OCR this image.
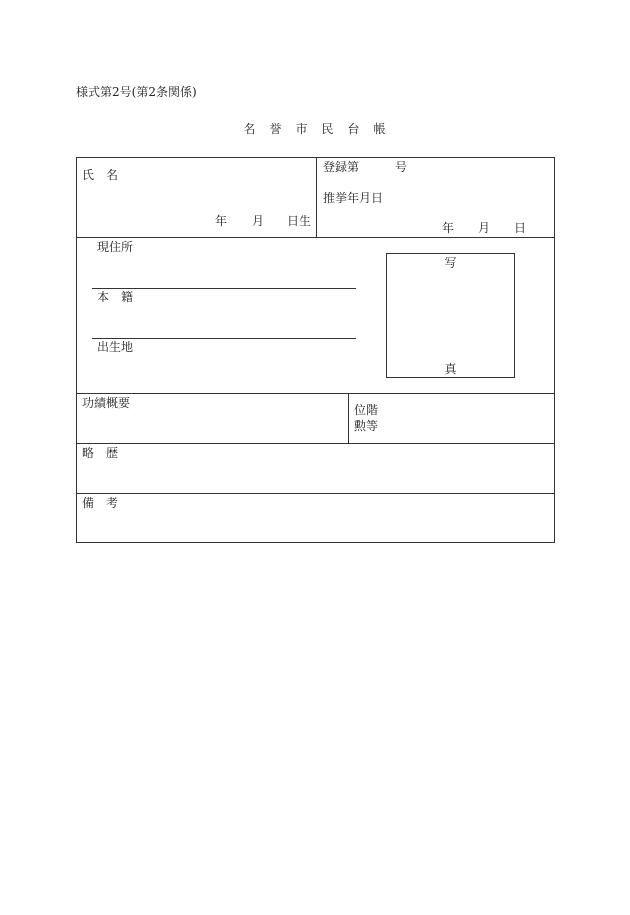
様式第2号(第2条関係)
名　誉　市　民　台　帳
氏　名
年 月 日生
登録第	号
推挙年月日
年 月 日
現住所
本　籍
出生地
写
真
功績概要	位階
勲等
略　歴
備　考
